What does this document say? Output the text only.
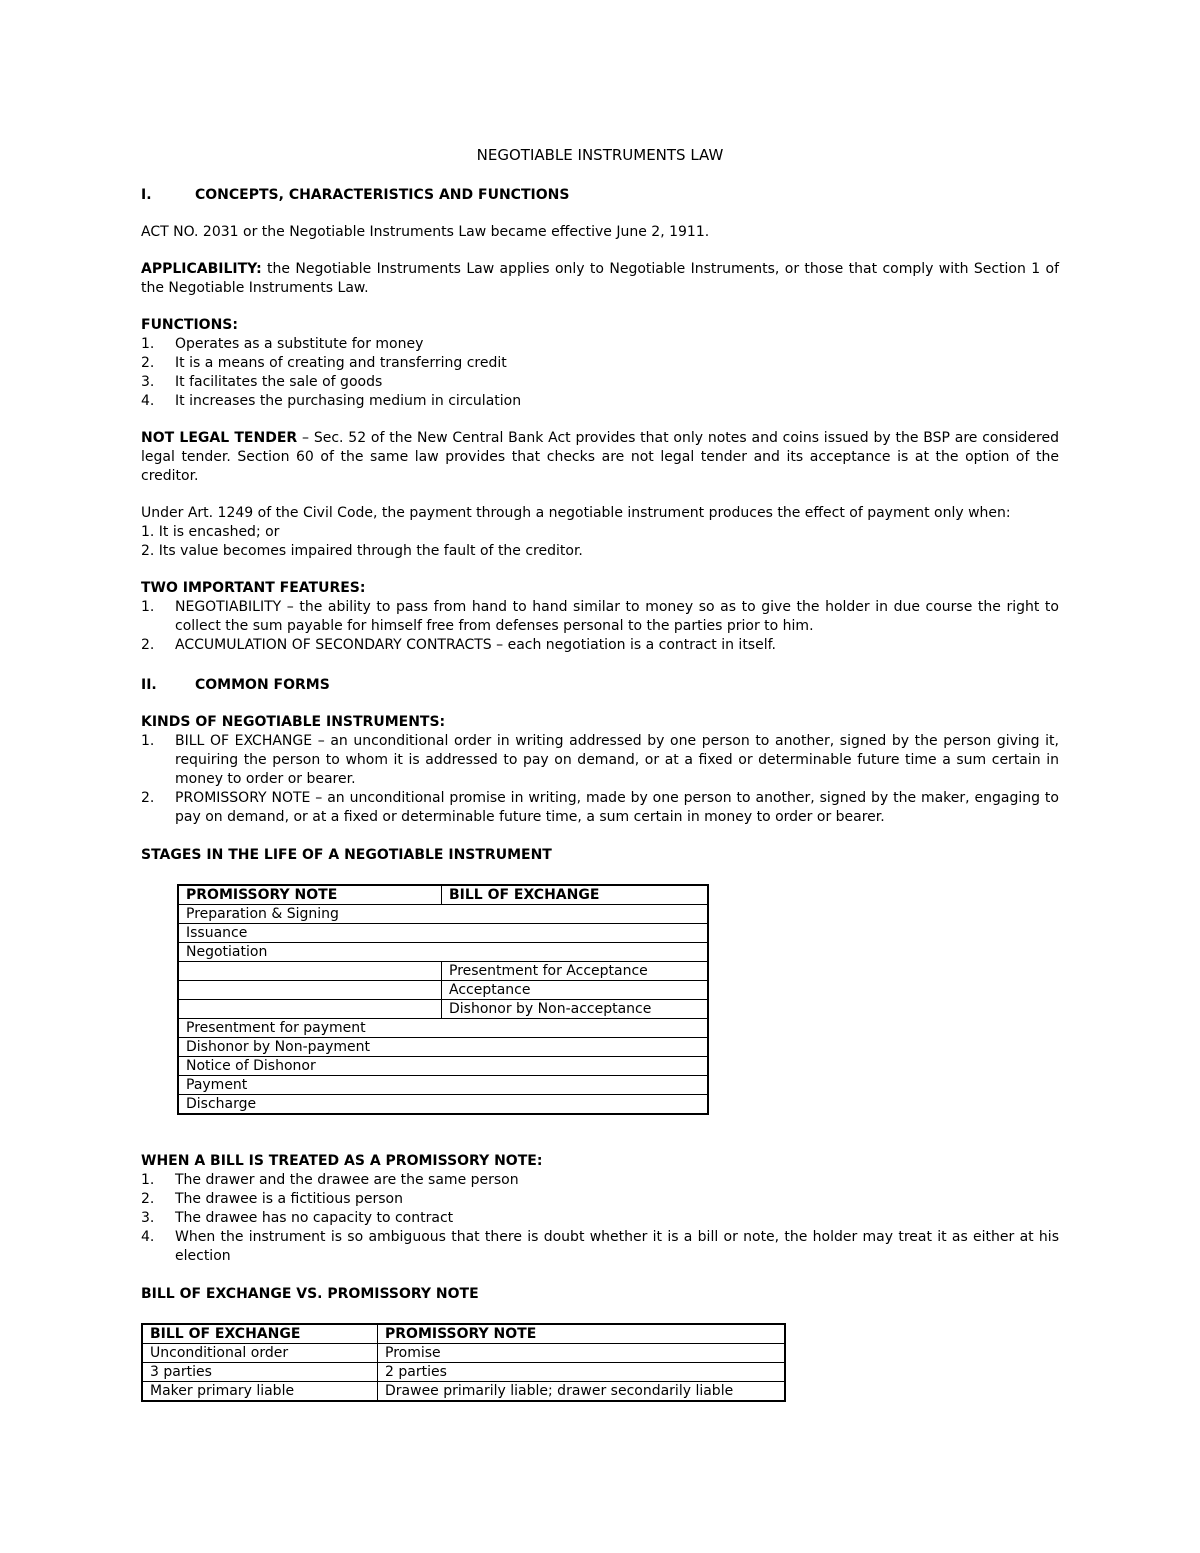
NEGOTIABLE INSTRUMENTS LAW
I.	CONCEPTS, CHARACTERISTICS AND FUNCTIONS

ACT NO. 2031 or the Negotiable Instruments Law became effective June 2, 1911.

APPLICABILITY: the Negotiable Instruments Law applies only to Negotiable Instruments, or those that comply with Section 1 of the Negotiable Instruments Law.

FUNCTIONS:
1.	Operates as a substitute for money
2.	It is a means of creating and transferring credit
3.	It facilitates the sale of goods
4.	It increases the purchasing medium in circulation

NOT LEGAL TENDER – Sec. 52 of the New Central Bank Act provides that only notes and coins issued by the BSP are considered legal tender. Section 60 of the same law provides that checks are not legal tender and its acceptance is at the option of the creditor.

Under Art. 1249 of the Civil Code, the payment through a negotiable instrument produces the effect of payment only when:

1. It is encashed; or
2. Its value becomes impaired through the fault of the creditor.
TWO IMPORTANT FEATURES:
1.	NEGOTIABILITY – the ability to pass from hand to hand similar to money so as to give the holder in due course the right to collect the sum payable for himself free from defenses personal to the parties prior to him.
2.	ACCUMULATION OF SECONDARY CONTRACTS – each negotiation is a contract in itself.
II.	COMMON FORMS
KINDS OF NEGOTIABLE INSTRUMENTS:
1.	BILL OF EXCHANGE – an unconditional order in writing addressed by one person to another, signed by the person giving it, requiring the person to whom it is addressed to pay on demand, or at a fixed or determinable future time a sum certain in money to order or bearer.
2.	PROMISSORY NOTE – an unconditional promise in writing, made by one person to another, signed by the maker, engaging to pay on demand, or at a fixed or determinable future time, a sum certain in money to order or bearer.
STAGES IN THE LIFE OF A NEGOTIABLE INSTRUMENT
PROMISSORY NOTE	BILL OF EXCHANGE
Preparation & Signing	
Issuance	
Negotiation	
	Presentment for Acceptance
	Acceptance
	Dishonor by Non-acceptance
Presentment for payment	
Dishonor by Non-payment	
Notice of Dishonor	
Payment	
Discharge	
WHEN A BILL IS TREATED AS A PROMISSORY NOTE:
1.	The drawer and the drawee are the same person
2.	The drawee is a fictitious person
3.	The drawee has no capacity to contract
4.	When the instrument is so ambiguous that there is doubt whether it is a bill or note, the holder may treat it as either at his election
BILL OF EXCHANGE VS. PROMISSORY NOTE
BILL OF EXCHANGE	PROMISSORY NOTE
Unconditional order	Promise
3 parties	2 parties
Maker primary liable	Drawee primarily liable; drawer secondarily liable
